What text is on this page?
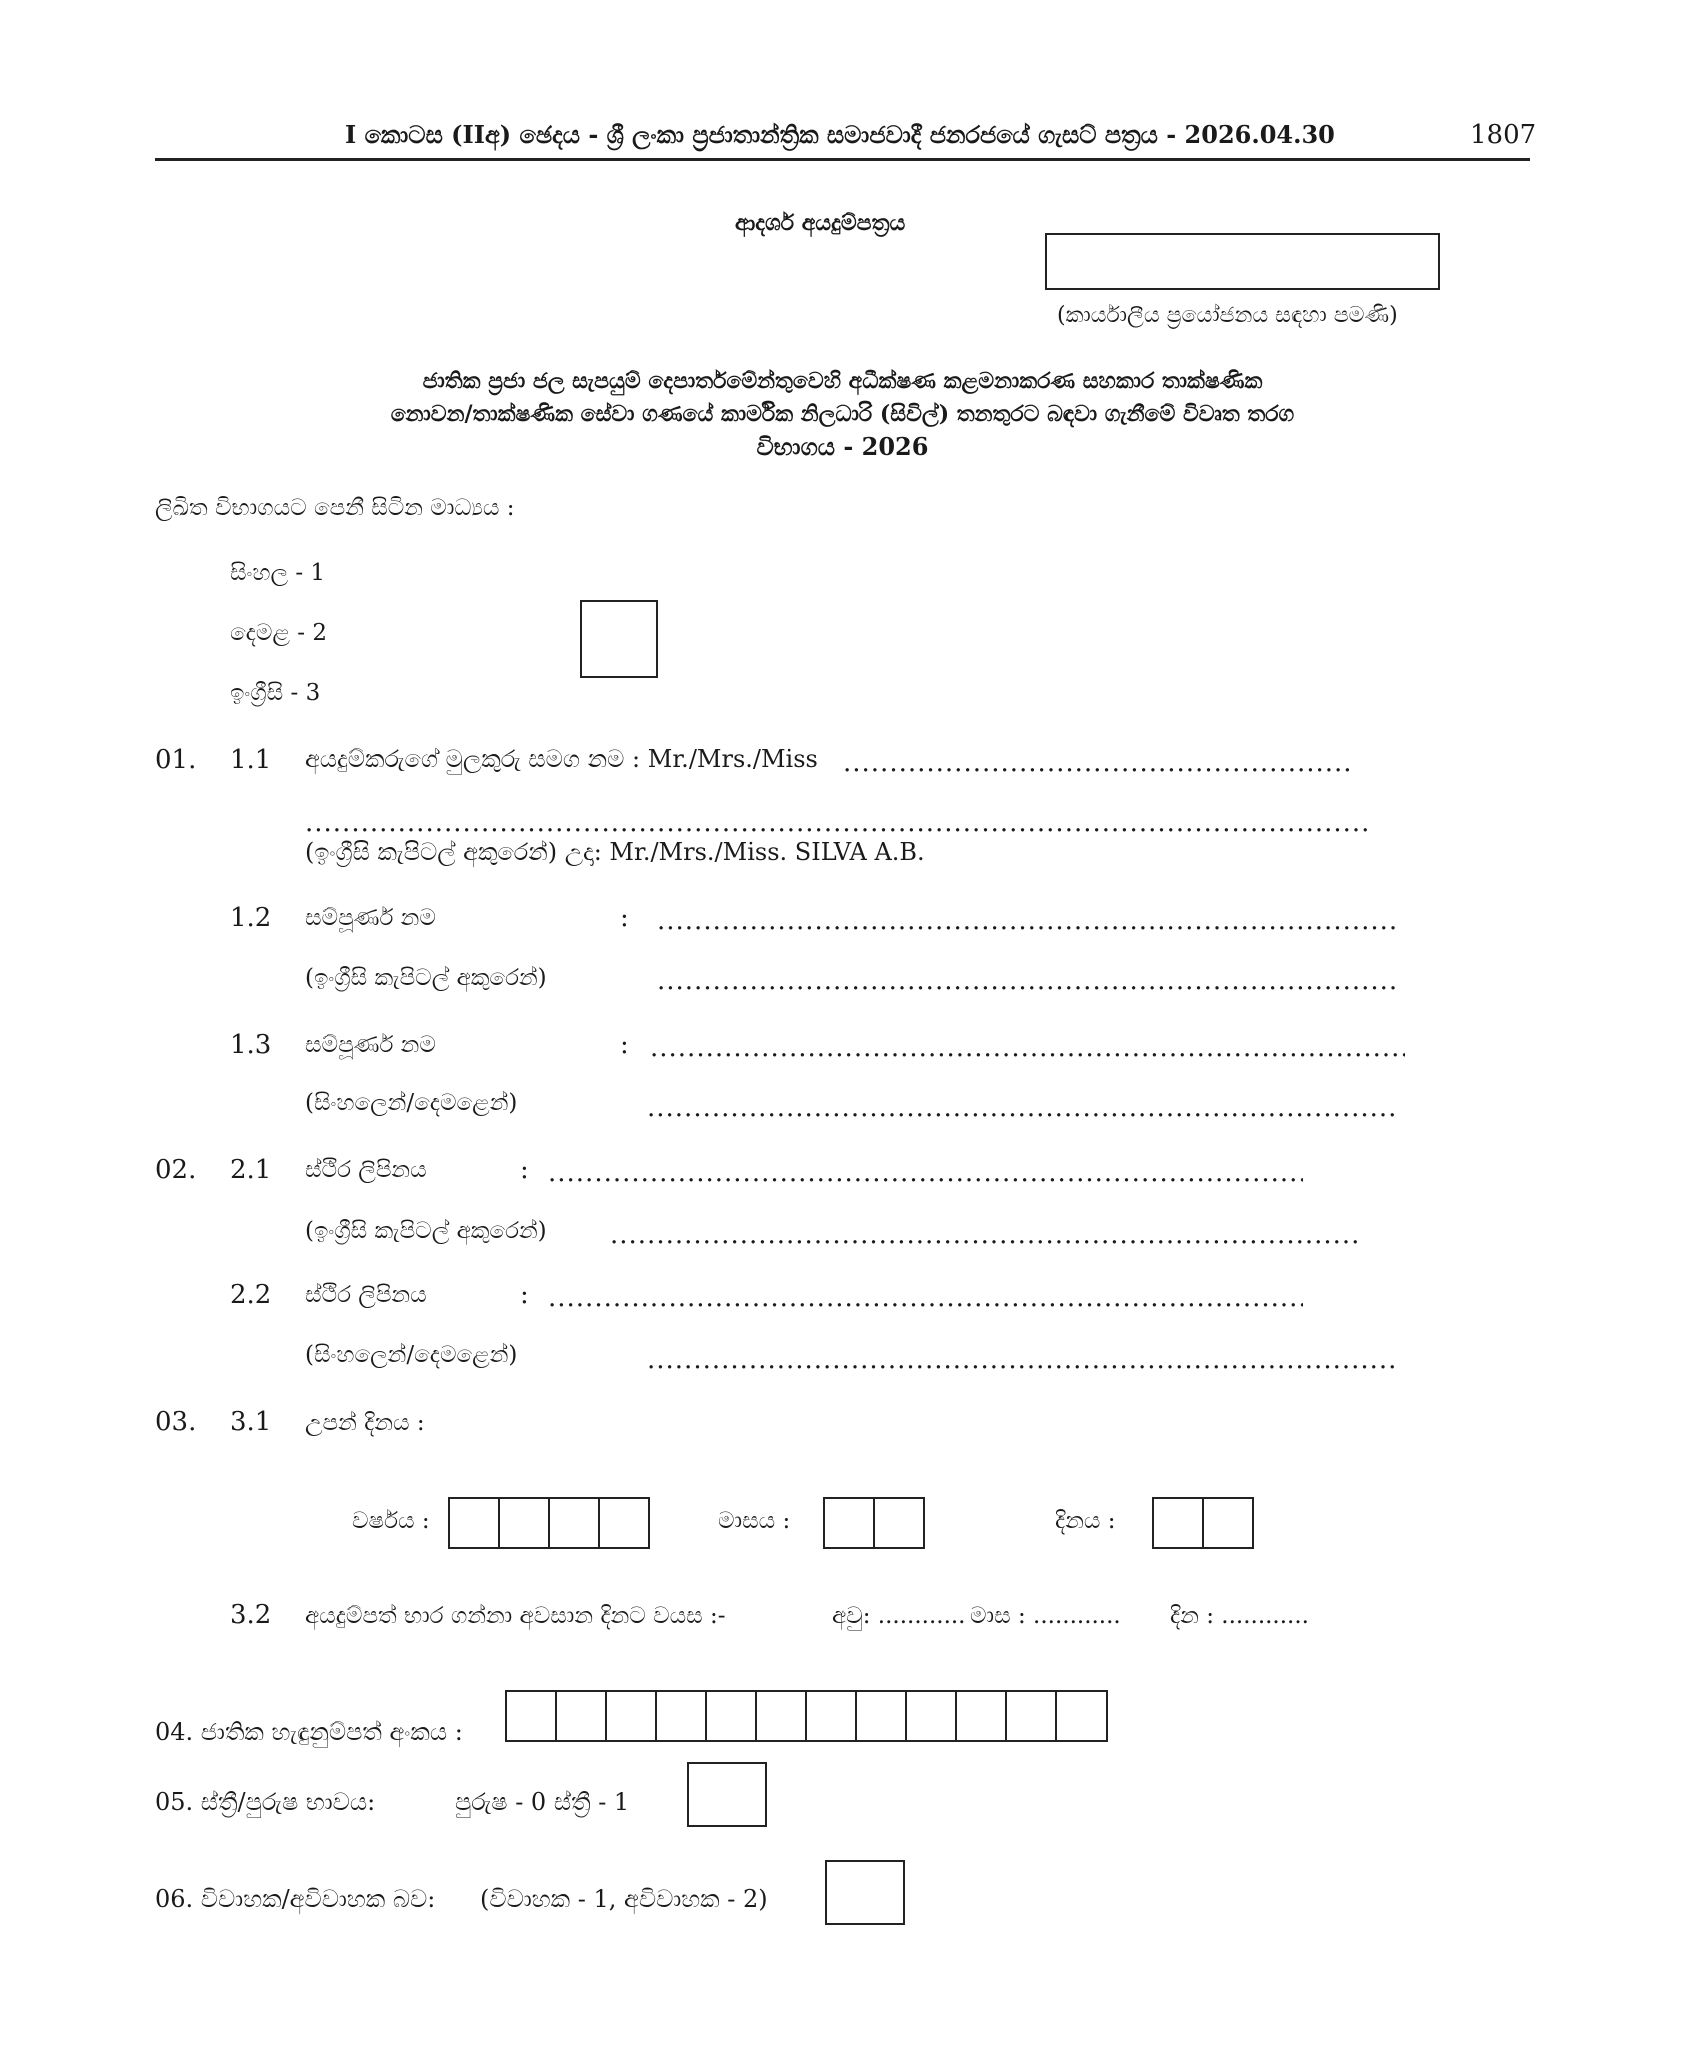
I කොටස (IIඅ) ඡෙදය - ශ්‍රී ලංකා ප්‍රජාතාන්ත්‍රික සමාජවාදී ජනරජයේ ගැසට් පත්‍රය - 2026.04.30	1807
ආදර්ශ අයදුම්පත්‍රය
(කාර්යාලීය ප්‍රයෝජනය සඳහා පමණි)
ජාතික ප්‍රජා ජල සැපයුම් දෙපාර්තමේන්තුවෙහි අධීක්ෂණ කළමනාකරණ සහකාර තාක්ෂණික
නොවන/තාක්ෂණික සේවා ගණයේ කාර්මික නිලධාරි (සිවිල්) තනතුරට බඳවා ගැනීමේ විවෘත තරග
විභාගය - 2026
ලිඛිත විභාගයට පෙනී සිටින මාධ්‍යය :
සිංහල - 1
දෙමළ - 2
ඉංග්‍රීසි - 3
01. 1.1 අයදුම්කරුගේ මුලකුරු සමග නම : Mr./Mrs./Miss
.....
.....
(ඉංග්‍රීසි කැපිටල් අකුරෙන්) උදා: Mr./Mrs./Miss. SILVA A.B.
1.2 සම්පූර්ණ නම	:
.....
(ඉංග්‍රීසි කැපිටල් අකුරෙන්)
.....
1.3 සම්පූර්ණ නම	:
.....
(සිංහලෙන්/දෙමළෙන්)
.....
02. 2.1 ස්ථිර ලිපිනය	:
.....
(ඉංග්‍රීසි කැපිටල් අකුරෙන්)
.....
2.2 ස්ථිර ලිපිනය	:
.....
(සිංහලෙන්/දෙමළෙන්)
.....
03. 3.1 උපන් දිනය :
වර්ෂය :	මාසය :	දිනය :
3.2 අයදුම්පත් භාර ගන්නා අවසාන දිනට වයස :-	අවු: ............ මාස : ............ දින : ............
04. ජාතික හැඳුනුම්පත් අංකය :
05. ස්ත්‍රී/පුරුෂ භාවය:	පුරුෂ - 0 ස්ත්‍රී - 1
06. විවාහක/අවිවාහක බව: (විවාහක - 1, අවිවාහක - 2)
